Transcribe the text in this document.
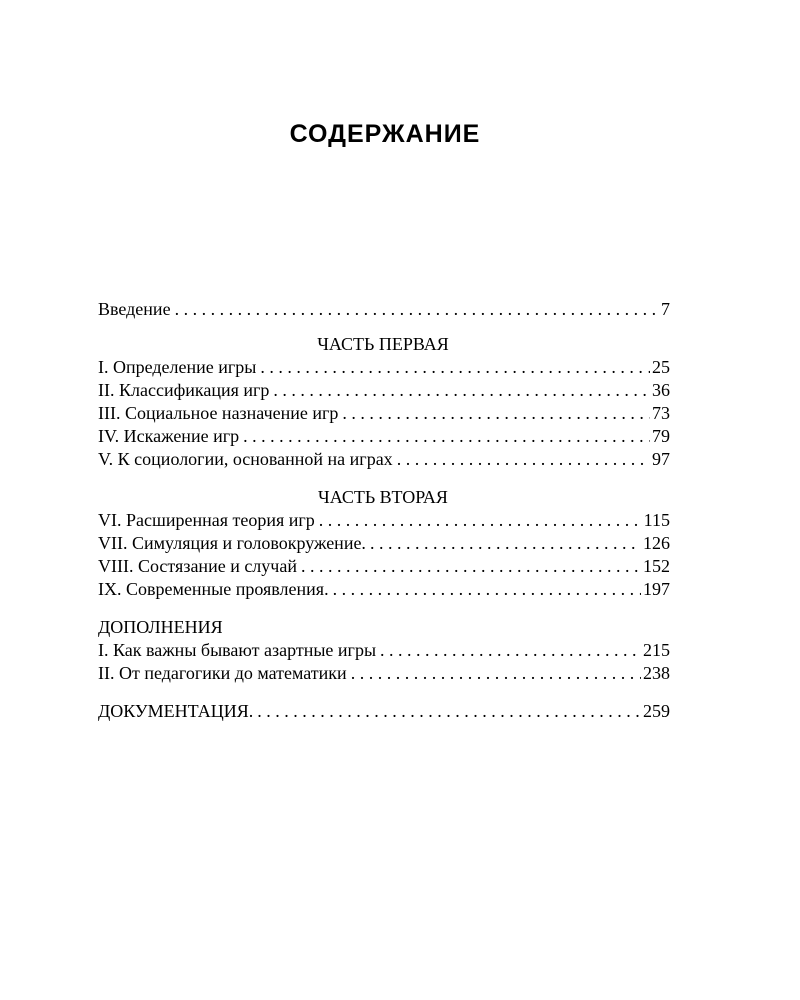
СОДЕРЖАНИЕ
Введение . . .	7
ЧАСТЬ ПЕРВАЯ
I. Определение игры . . .	25
II. Классификация игр . . .	36
III. Социальное назначение игр . . .	73
IV. Искажение игр . . .	79
V. К социологии, основанной на играх . . .	97
ЧАСТЬ ВТОРАЯ
VI. Расширенная теория игр . . .	115
VII. Симуляция и головокружение. . . .	126
VIII. Состязание и случай . . .	152
IX. Современные проявления. . . .	197
ДОПОЛНЕНИЯ
I. Как важны бывают азартные игры . . .	215
II. От педагогики до математики . . .	238
ДОКУМЕНТАЦИЯ. . . .	259
